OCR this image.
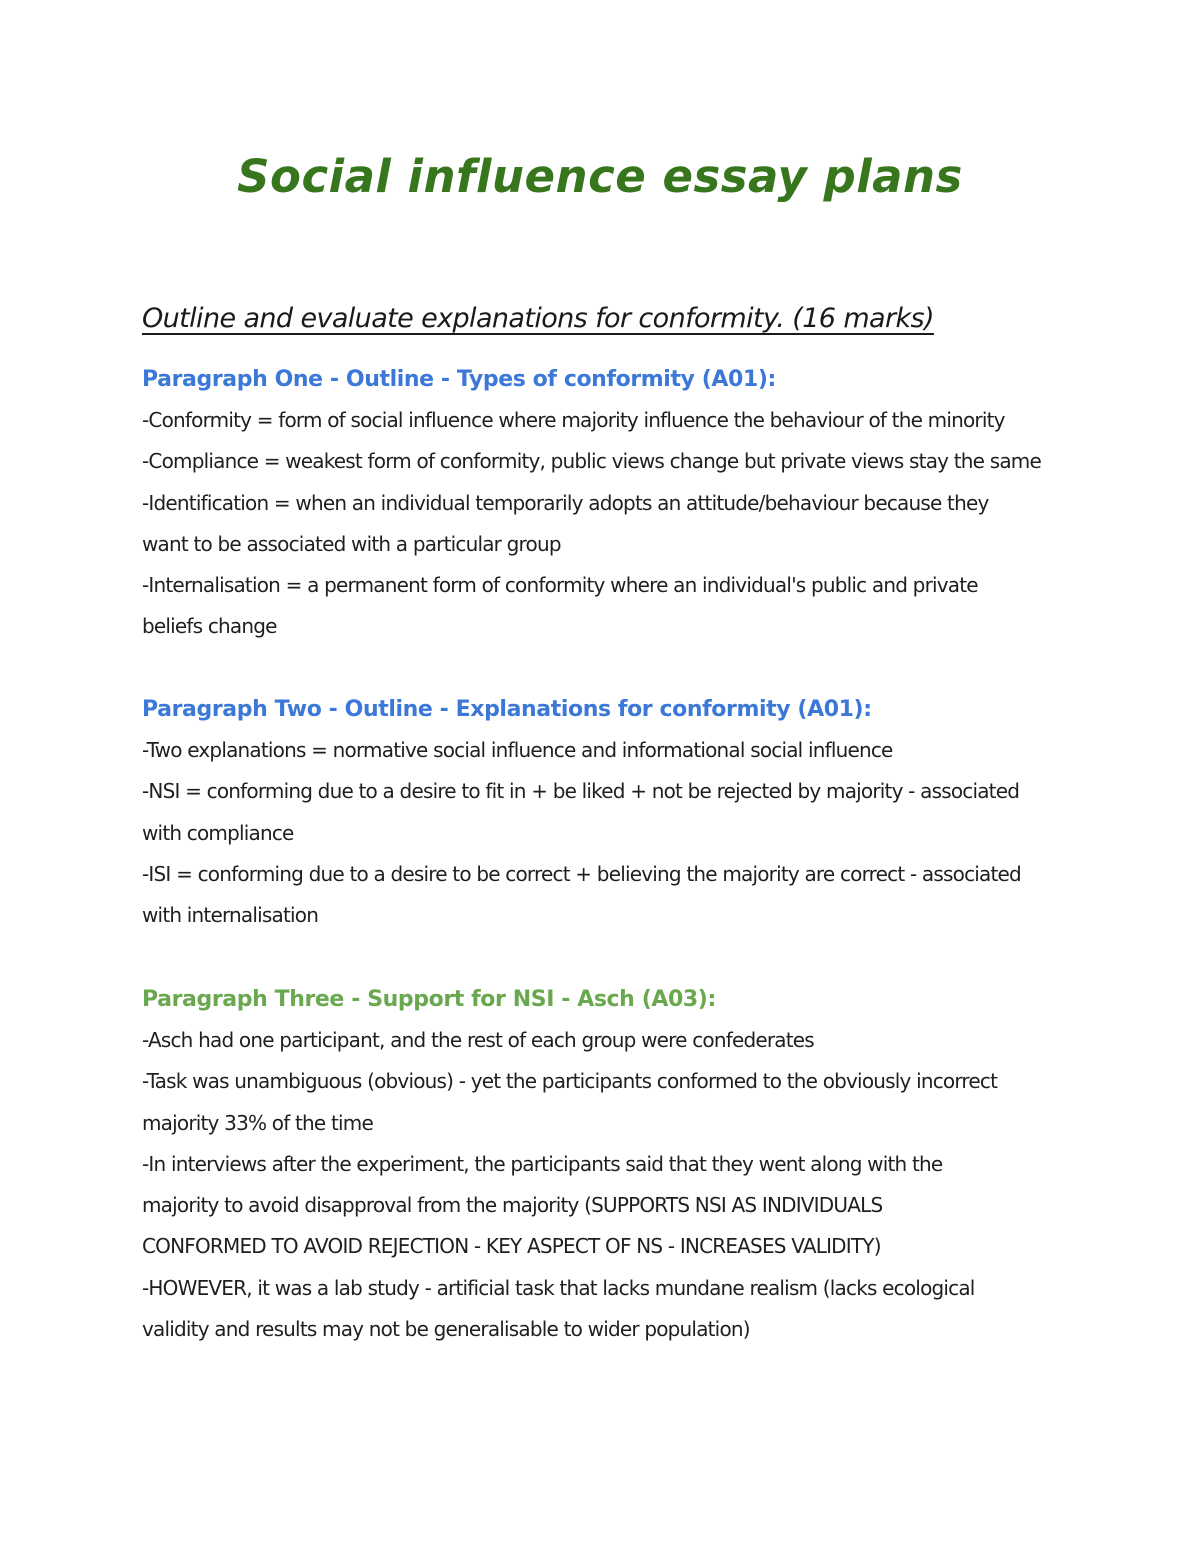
Social influence essay plans
Outline and evaluate explanations for conformity. (16 marks)
Paragraph One - Outline - Types of conformity (A01):
-Conformity = form of social influence where majority influence the behaviour of the minority
-Compliance = weakest form of conformity, public views change but private views stay the same
-Identification = when an individual temporarily adopts an attitude/behaviour because they
want to be associated with a particular group
-Internalisation = a permanent form of conformity where an individual's public and private
beliefs change
Paragraph Two - Outline - Explanations for conformity (A01):
-Two explanations = normative social influence and informational social influence
-NSI = conforming due to a desire to fit in + be liked + not be rejected by majority - associated
with compliance
-ISI = conforming due to a desire to be correct + believing the majority are correct - associated
with internalisation
Paragraph Three - Support for NSI - Asch (A03):
-Asch had one participant, and the rest of each group were confederates
-Task was unambiguous (obvious) - yet the participants conformed to the obviously incorrect
majority 33% of the time
-In interviews after the experiment, the participants said that they went along with the
majority to avoid disapproval from the majority (SUPPORTS NSI AS INDIVIDUALS
CONFORMED TO AVOID REJECTION - KEY ASPECT OF NS - INCREASES VALIDITY)
-HOWEVER, it was a lab study - artificial task that lacks mundane realism (lacks ecological
validity and results may not be generalisable to wider population)
